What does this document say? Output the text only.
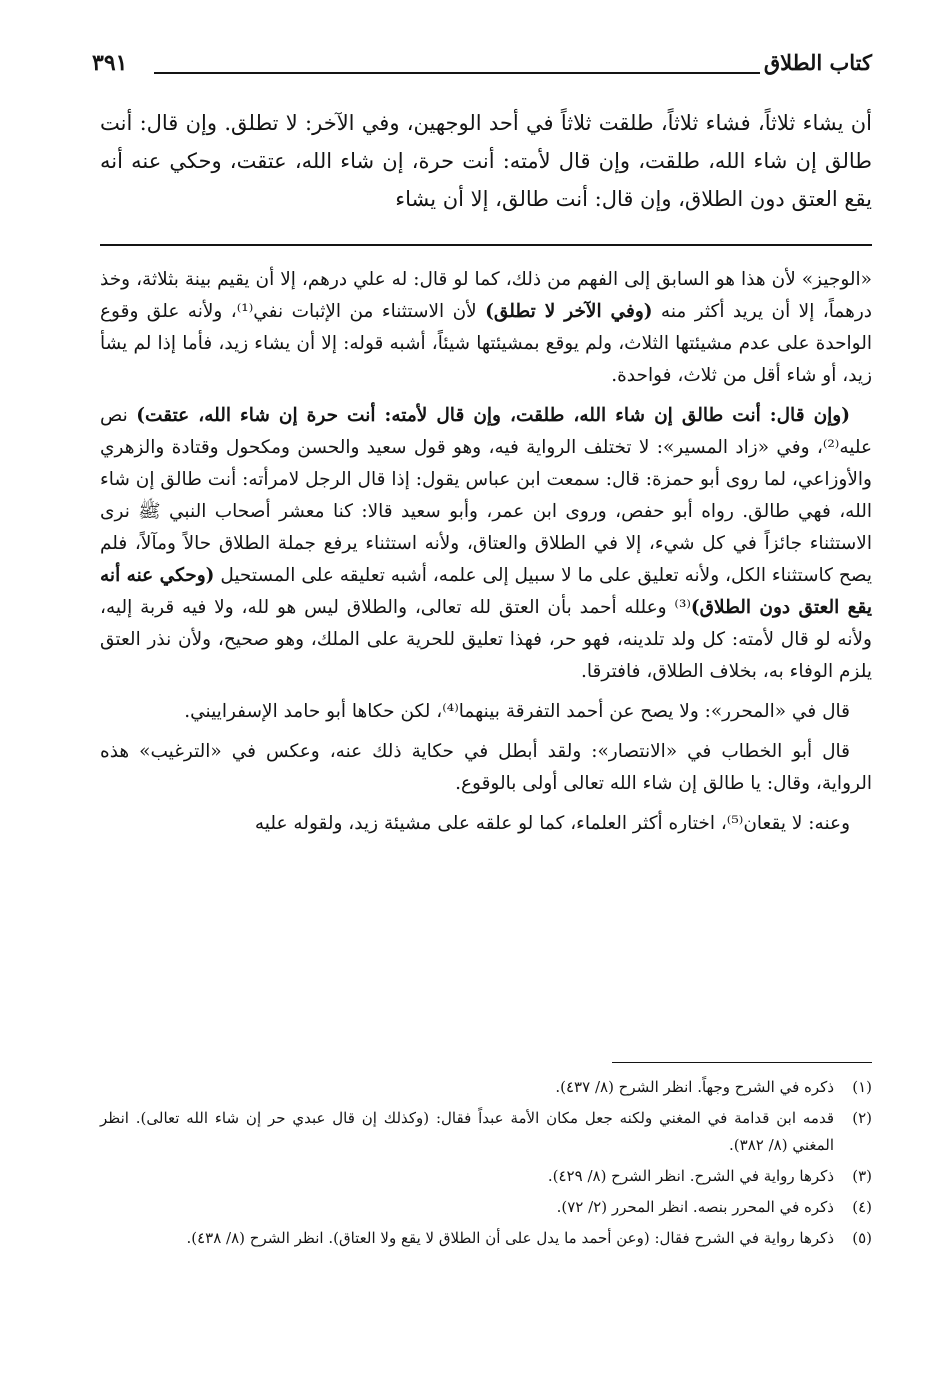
كتاب الطلاق
٣٩١
أن يشاء ثلاثاً، فشاء ثلاثاً، طلقت ثلاثاً في أحد الوجهين، وفي الآخر: لا تطلق. وإن قال: أنت طالق إن شاء الله، طلقت، وإن قال لأمته: أنت حرة، إن شاء الله، عتقت، وحكي عنه أنه يقع العتق دون الطلاق، وإن قال: أنت طالق، إلا أن يشاء

«الوجيز» لأن هذا هو السابق إلى الفهم من ذلك، كما لو قال: له علي درهم، إلا أن يقيم بينة بثلاثة، وخذ درهماً، إلا أن يريد أكثر منه (وفي الآخر لا تطلق) لأن الاستثناء من الإثبات نفي⁽¹⁾، ولأنه علق وقوع الواحدة على عدم مشيئتها الثلاث، ولم يوقع بمشيئتها شيئاً، أشبه قوله: إلا أن يشاء زيد، فأما إذا لم يشأ زيد، أو شاء أقل من ثلاث، فواحدة.

(وإن قال: أنت طالق إن شاء الله، طلقت، وإن قال لأمته: أنت حرة إن شاء الله، عتقت) نص عليه⁽²⁾، وفي «زاد المسير»: لا تختلف الرواية فيه، وهو قول سعيد والحسن ومكحول وقتادة والزهري والأوزاعي، لما روى أبو حمزة: قال: سمعت ابن عباس يقول: إذا قال الرجل لامرأته: أنت طالق إن شاء الله، فهي طالق. رواه أبو حفص، وروى ابن عمر، وأبو سعيد قالا: كنا معشر أصحاب النبي ﷺ نرى الاستثناء جائزاً في كل شيء، إلا في الطلاق والعتاق، ولأنه استثناء يرفع جملة الطلاق حالاً ومآلاً، فلم يصح كاستثناء الكل، ولأنه تعليق على ما لا سبيل إلى علمه، أشبه تعليقه على المستحيل (وحكي عنه أنه يقع العتق دون الطلاق)⁽³⁾ وعلله أحمد بأن العتق لله تعالى، والطلاق ليس هو لله، ولا فيه قربة إليه، ولأنه لو قال لأمته: كل ولد تلدينه، فهو حر، فهذا تعليق للحرية على الملك، وهو صحيح، ولأن نذر العتق يلزم الوفاء به، بخلاف الطلاق، فافترقا.

قال في «المحرر»: ولا يصح عن أحمد التفرقة بينهما⁽⁴⁾، لكن حكاها أبو حامد الإسفراييني.

قال أبو الخطاب في «الانتصار»: ولقد أبطل في حكاية ذلك عنه، وعكس في «الترغيب» هذه الرواية، وقال: يا طالق إن شاء الله تعالى أولى بالوقوع.

وعنه: لا يقعان⁽⁵⁾، اختاره أكثر العلماء، كما لو علقه على مشيئة زيد، ولقوله عليه

(١)
ذكره في الشرح وجهاً. انظر الشرح (٨/ ٤٣٧).
(٢)
قدمه ابن قدامة في المغني ولكنه جعل مكان الأمة عبداً فقال: (وكذلك إن قال عبدي حر إن شاء الله تعالى). انظر المغني (٨/ ٣٨٢).
(٣)
ذكرها رواية في الشرح. انظر الشرح (٨/ ٤٢٩).
(٤)
ذكره في المحرر بنصه. انظر المحرر (٢/ ٧٢).
(٥)
ذكرها رواية في الشرح فقال: (وعن أحمد ما يدل على أن الطلاق لا يقع ولا العتاق). انظر الشرح (٨/ ٤٣٨).
